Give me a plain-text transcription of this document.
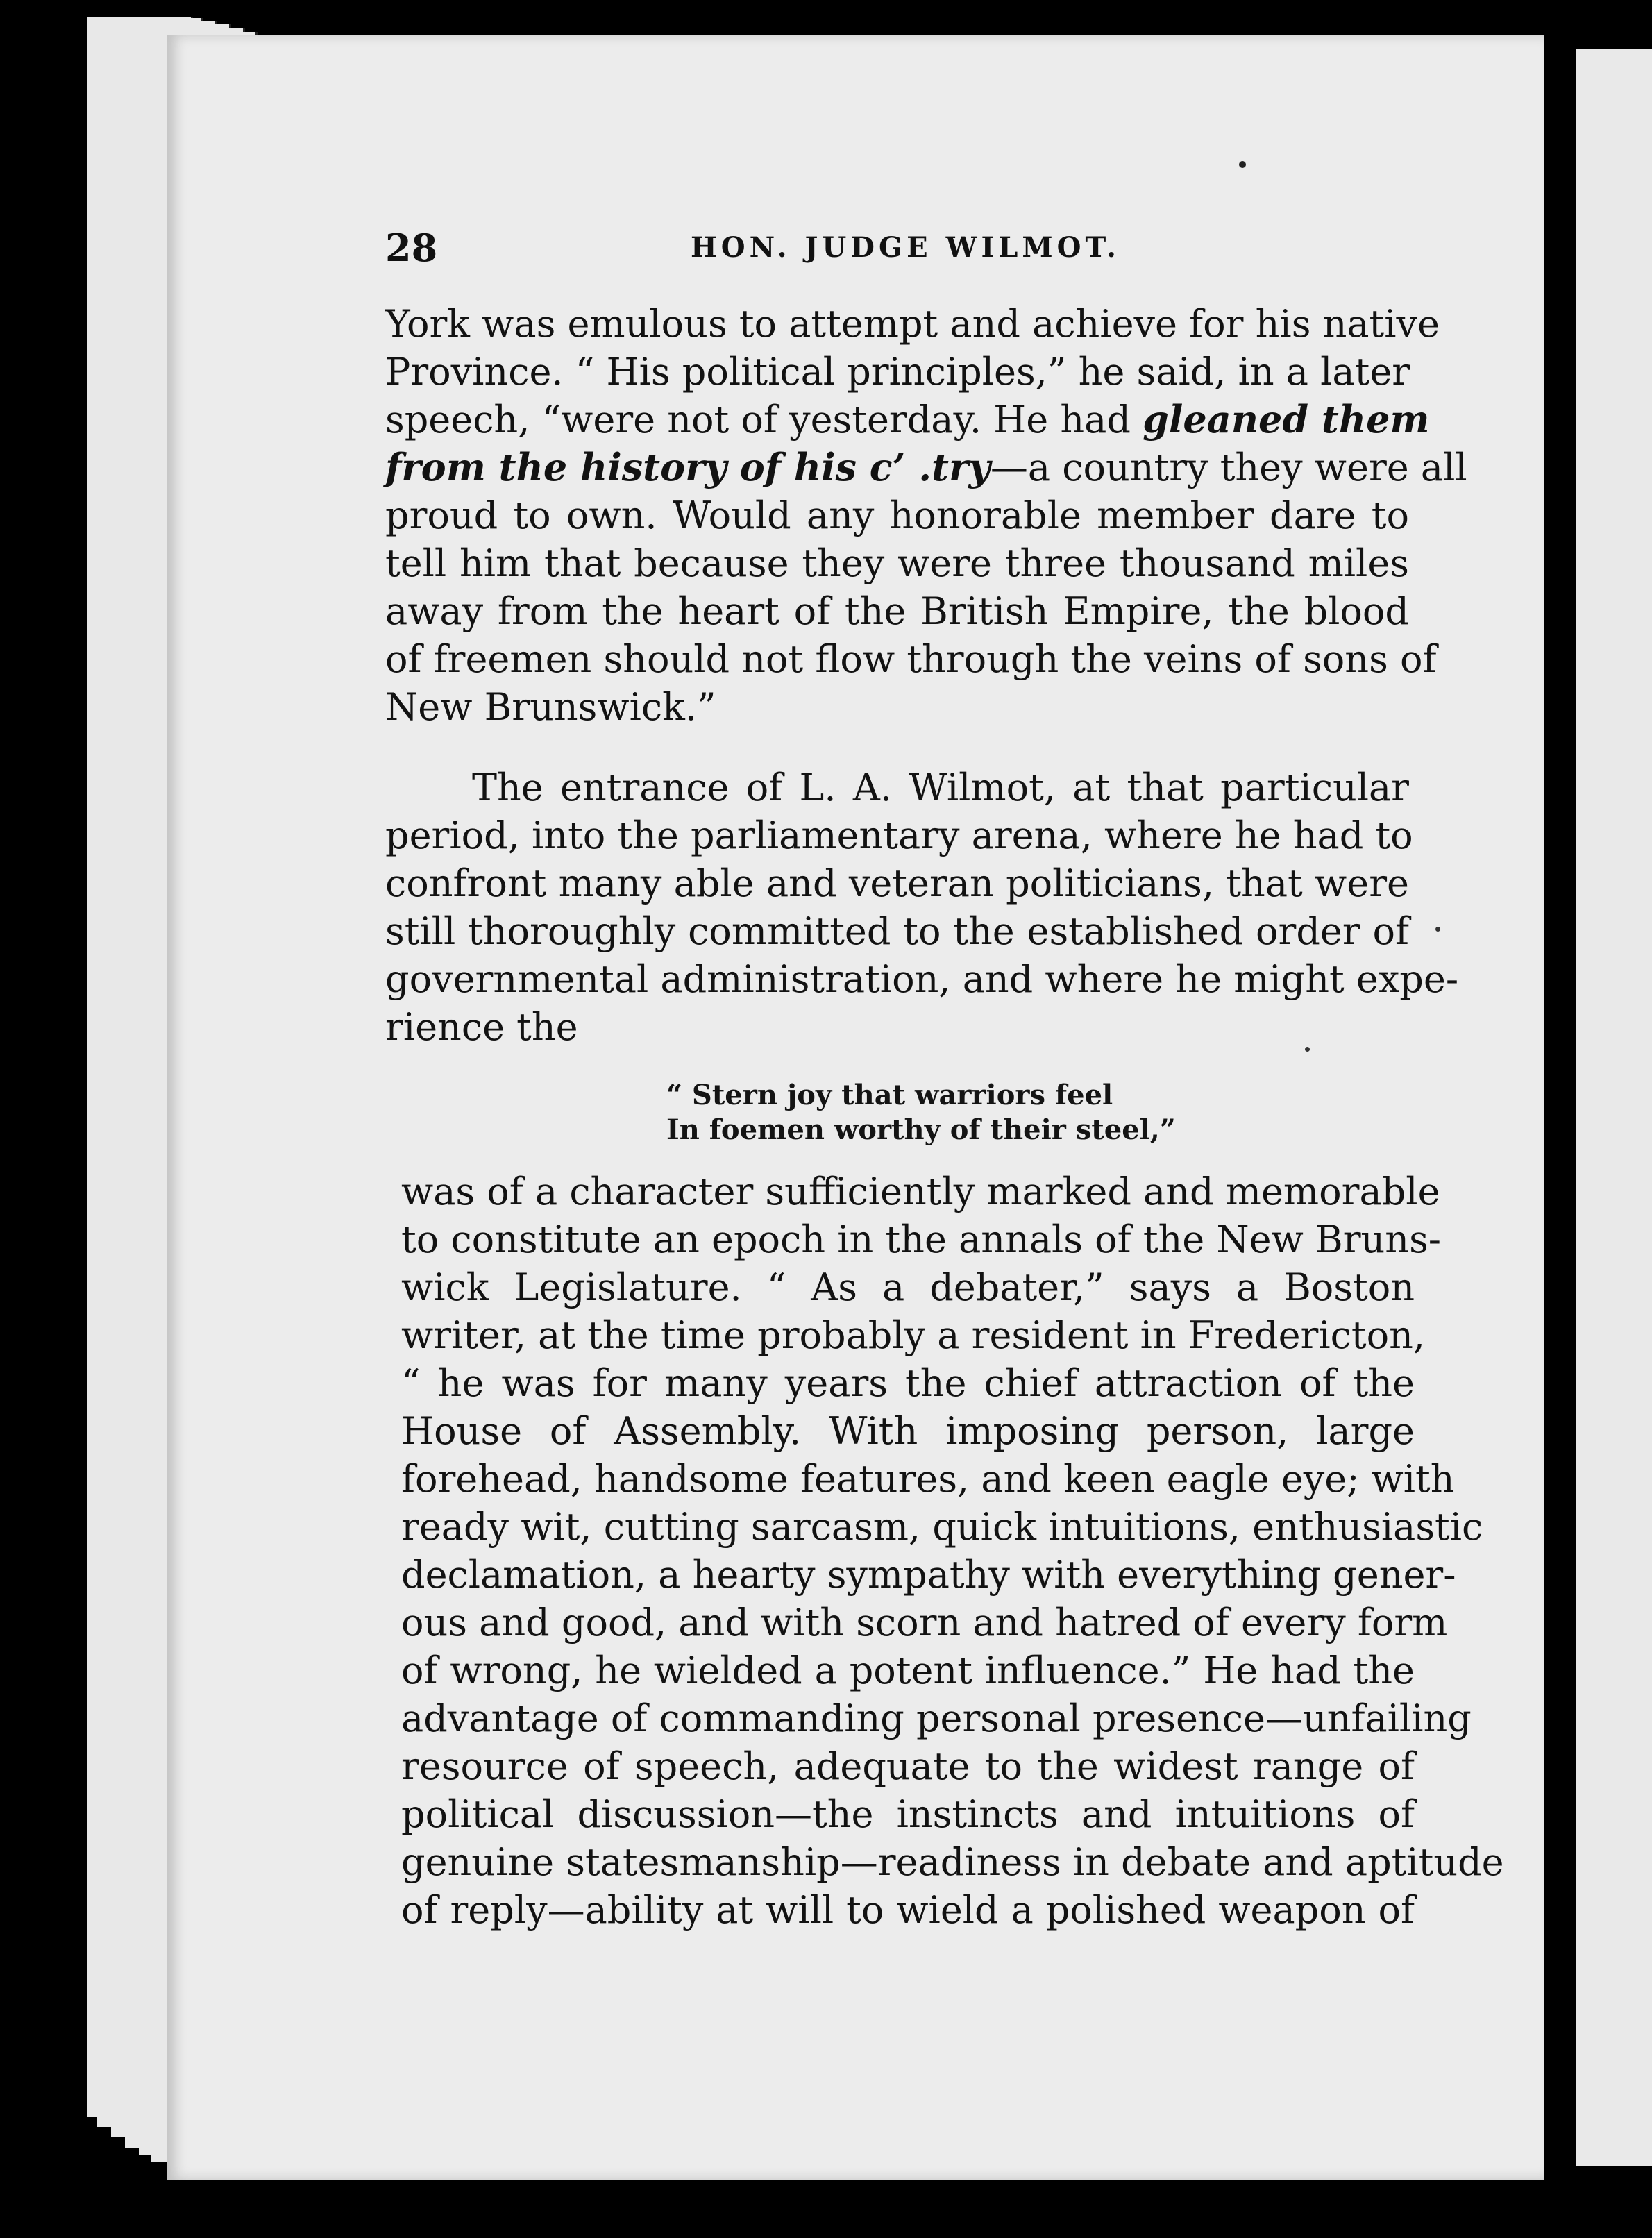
28	HON. JUDGE WILMOT.
York was emulous to attempt and achieve for his native
Province. “ His political principles,” he said, in a later
speech, “were not of yesterday. He had gleaned them
from the history of his c’ .try—a country they were all
proud to own. Would any honorable member dare to
tell him that because they were three thousand miles
away from the heart of the British Empire, the blood
of freemen should not flow through the veins of sons of
New Brunswick.”
The entrance of L. A. Wilmot, at that particular
period, into the parliamentary arena, where he had to
confront many able and veteran politicians, that were
still thoroughly committed to the established order of
governmental administration, and where he might expe-
rience the
“ Stern joy that warriors feel
In foemen worthy of their steel,”
was of a character sufficiently marked and memorable
to constitute an epoch in the annals of the New Bruns-
wick Legislature. “ As a debater,” says a Boston
writer, at the time probably a resident in Fredericton,
“ he was for many years the chief attraction of the
House of Assembly. With imposing person, large
forehead, handsome features, and keen eagle eye; with
ready wit, cutting sarcasm, quick intuitions, enthusiastic
declamation, a hearty sympathy with everything gener-
ous and good, and with scorn and hatred of every form
of wrong, he wielded a potent influence.” He had the
advantage of commanding personal presence—unfailing
resource of speech, adequate to the widest range of
political discussion—the instincts and intuitions of
genuine statesmanship—readiness in debate and aptitude
of reply—ability at will to wield a polished weapon of
